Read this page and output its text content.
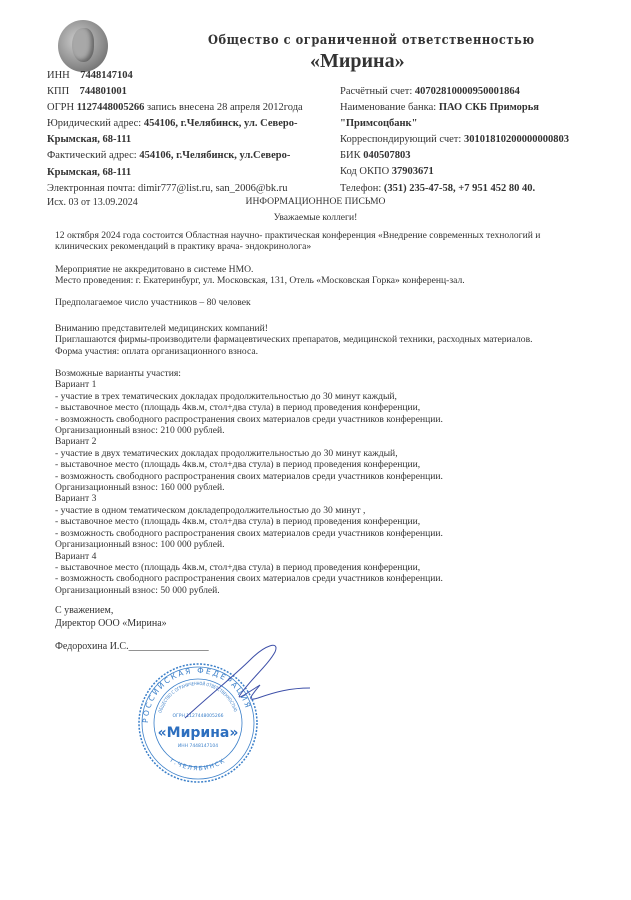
Общество с ограниченной ответственностью
«Мирина»
ИНН 7448147104
КПП 744801001
ОГРН 1127448005266 запись внесена 28 апреля 2012года
Юридический адрес: 454106, г.Челябинск, ул. Северо-
Крымская, 68-111
Фактический адрес: 454106, г.Челябинск, ул.Северо-
Крымская, 68-111
Электронная почта: dimir777@list.ru, san_2006@bk.ru
Расчётный счет: 40702810000950001864
Наименование банка: ПАО СКБ Приморья
"Примсоцбанк"
Корреспондирующий счет: 30101810200000000803
БИК 040507803
Код ОКПО 37903671
Телефон: (351) 235-47-58, +7 951 452 80 40.
Исх. 03 от 13.09.2024	ИНФОРМАЦИОННОЕ ПИСЬМО
Уважаемые коллеги!
12 октября 2024 года состоится Областная научно- практическая конференция «Внедрение современных технологий и
клинических рекомендаций в практику врача- эндокринолога»
Мероприятие не аккредитовано в системе НМО.
Место проведения: г. Екатеринбург, ул. Московская, 131, Отель «Московская Горка» конференц-зал.
Предполагаемое число участников – 80 человек
Вниманию представителей медицинских компаний!
Приглашаются фирмы-производители фармацевтических препаратов, медицинской техники, расходных материалов.
Форма участия: оплата организационного взноса.
Возможные варианты участия:
Вариант 1
- участие в трех тематических докладах продолжительностью до 30 минут каждый,
- выставочное место (площадь 4кв.м, стол+два стула) в период проведения конференции,
- возможность свободного распространения своих материалов среди участников конференции.
Организационный взнос: 210 000 рублей.
Вариант 2
- участие в двух тематических докладах продолжительностью до 30 минут каждый,
- выставочное место (площадь 4кв.м, стол+два стула) в период проведения конференции,
- возможность свободного распространения своих материалов среди участников конференции.
Организационный взнос: 160 000 рублей.
Вариант 3
- участие в одном тематическом докладепродолжительностью до 30 минут ,
- выставочное место (площадь 4кв.м, стол+два стула) в период проведения конференции,
- возможность свободного распространения своих материалов среди участников конференции.
Организационный взнос: 100 000 рублей.
Вариант 4
- выставочное место (площадь 4кв.м, стол+два стула) в период проведения конференции,
- возможность свободного распространения своих материалов среди участников конференции.
Организационный взнос: 50 000 рублей.
С уважением,
Директор ООО «Мирина»
Федорохина И.С.________________
РОССИЙСКАЯ ФЕДЕРАЦИЯ
ОБЩЕСТВО С ОГРАНИЧЕННОЙ ОТВЕТСТВЕННОСТЬЮ
ОГРН 1127448005266
«Мирина»
ИНН 7448147104
г.ЧЕЛЯБИНСК
